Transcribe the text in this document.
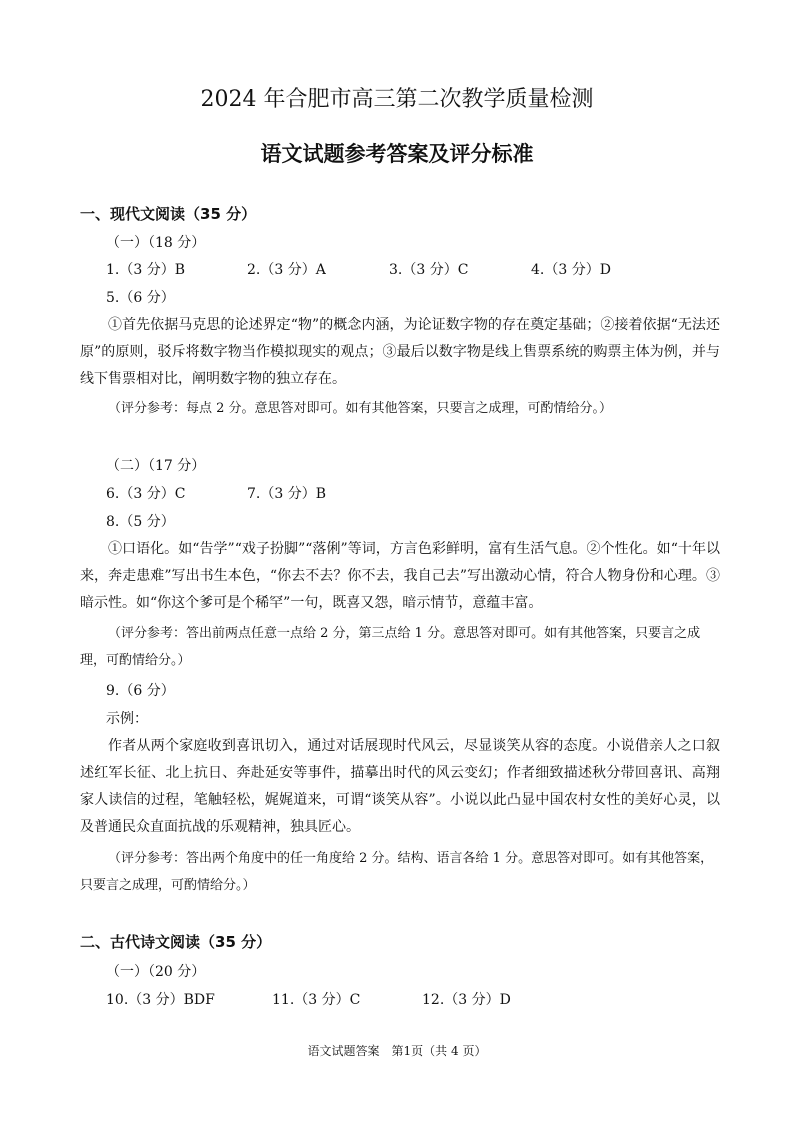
2024 年合肥市高三第二次教学质量检测
语文试题参考答案及评分标准
一、现代文阅读（35 分）
（一）（18 分）
1.（3 分）B	2.（3 分）A	3.（3 分）C	4.（3 分）D
5.（6 分）
①首先依据马克思的论述界定“物”的概念内涵，为论证数字物的存在奠定基础；②接着依据“无法还原”的原则，驳斥将数字物当作模拟现实的观点；③最后以数字物是线上售票系统的购票主体为例，并与线下售票相对比，阐明数字物的独立存在。
（评分参考：每点 2 分。意思答对即可。如有其他答案，只要言之成理，可酌情给分。）
（二）（17 分）
6.（3 分）C	7.（3 分）B
8.（5 分）
①口语化。如“告学”“戏子扮脚”“落俐”等词，方言色彩鲜明，富有生活气息。②个性化。如“十年以来，奔走患难”写出书生本色，“你去不去？你不去，我自己去”写出激动心情，符合人物身份和心理。③暗示性。如“你这个爹可是个稀罕”一句，既喜又怨，暗示情节，意蕴丰富。
（评分参考：答出前两点任意一点给 2 分，第三点给 1 分。意思答对即可。如有其他答案，只要言之成理，可酌情给分。）
9.（6 分）
示例：
作者从两个家庭收到喜讯切入，通过对话展现时代风云，尽显谈笑从容的态度。小说借亲人之口叙述红军长征、北上抗日、奔赴延安等事件，描摹出时代的风云变幻；作者细致描述秋分带回喜讯、高翔家人读信的过程，笔触轻松，娓娓道来，可谓“谈笑从容”。小说以此凸显中国农村女性的美好心灵，以及普通民众直面抗战的乐观精神，独具匠心。
（评分参考：答出两个角度中的任一角度给 2 分。结构、语言各给 1 分。意思答对即可。如有其他答案，只要言之成理，可酌情给分。）
二、古代诗文阅读（35 分）
（一）（20 分）
10.（3 分）BDF	11.（3 分）C	12.（3 分）D
语文试题答案　第1页（共 4 页）
